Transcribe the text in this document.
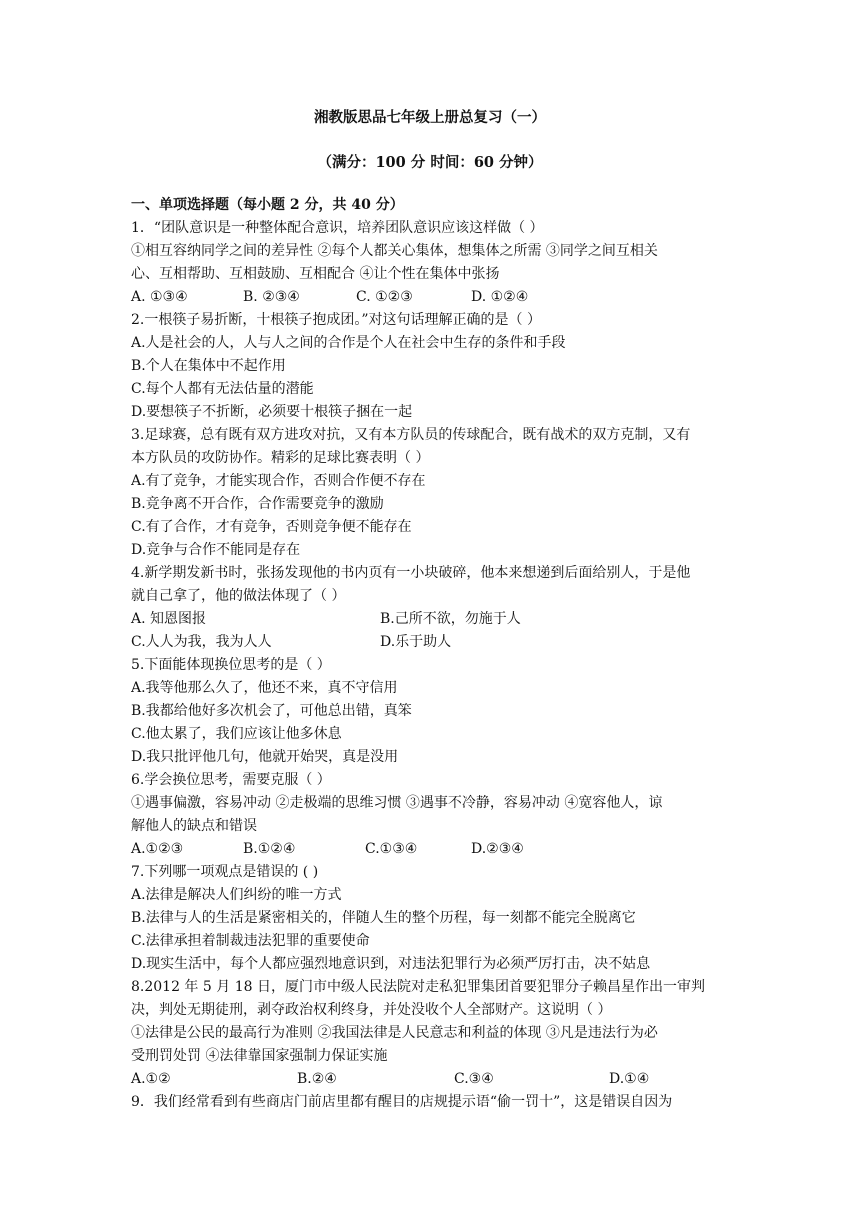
湘教版思品七年级上册总复习（一）
（满分：100 分 时间：60 分钟）
一、单项选择题（每小题 2 分，共 40 分）
1．“团队意识是一种整体配合意识，培养团队意识应该这样做（ ）
①相互容纳同学之间的差异性 ②每个人都关心集体，想集体之所需 ③同学之间互相关
心、互相帮助、互相鼓励、互相配合 ④让个性在集体中张扬
A. ①③④	B. ②③④	C. ①②③	D. ①②④
2.一根筷子易折断，十根筷子抱成团。”对这句话理解正确的是（ ）
A.人是社会的人，人与人之间的合作是个人在社会中生存的条件和手段
B.个人在集体中不起作用
C.每个人都有无法估量的潜能
D.要想筷子不折断，必须要十根筷子捆在一起
3.足球赛，总有既有双方进攻对抗，又有本方队员的传球配合，既有战术的双方克制，又有
本方队员的攻防协作。精彩的足球比赛表明（ ）
A.有了竞争，才能实现合作，否则合作便不存在
B.竞争离不开合作，合作需要竞争的激励
C.有了合作，才有竞争，否则竞争便不能存在
D.竞争与合作不能同是存在
4.新学期发新书时，张扬发现他的书内页有一小块破碎，他本来想递到后面给别人，于是他
就自己拿了，他的做法体现了（ ）
A. 知恩图报	B.己所不欲，勿施于人
C.人人为我，我为人人	D.乐于助人
5.下面能体现换位思考的是（ ）
A.我等他那么久了，他还不来，真不守信用
B.我都给他好多次机会了，可他总出错，真笨
C.他太累了，我们应该让他多休息
D.我只批评他几句，他就开始哭，真是没用
6.学会换位思考，需要克服（ ）
①遇事偏激，容易冲动 ②走极端的思维习惯 ③遇事不冷静，容易冲动 ④宽容他人，谅
解他人的缺点和错误
A.①②③	B.①②④	C.①③④	D.②③④
7.下列哪一项观点是错误的 ( )
A.法律是解决人们纠纷的唯一方式
B.法律与人的生活是紧密相关的，伴随人生的整个历程，每一刻都不能完全脱离它
C.法律承担着制裁违法犯罪的重要使命
D.现实生活中，每个人都应强烈地意识到，对违法犯罪行为必须严厉打击，决不姑息
8.2012 年 5 月 18 日，厦门市中级人民法院对走私犯罪集团首要犯罪分子赖昌星作出一审判
决，判处无期徒刑，剥夺政治权利终身，并处没收个人全部财产。这说明（ ）
①法律是公民的最高行为准则 ②我国法律是人民意志和利益的体现 ③凡是违法行为必
受刑罚处罚 ④法律靠国家强制力保证实施
A.①②	B.②④	C.③④	D.①④
9．我们经常看到有些商店门前店里都有醒目的店规提示语“偷一罚十”，这是错误自因为
